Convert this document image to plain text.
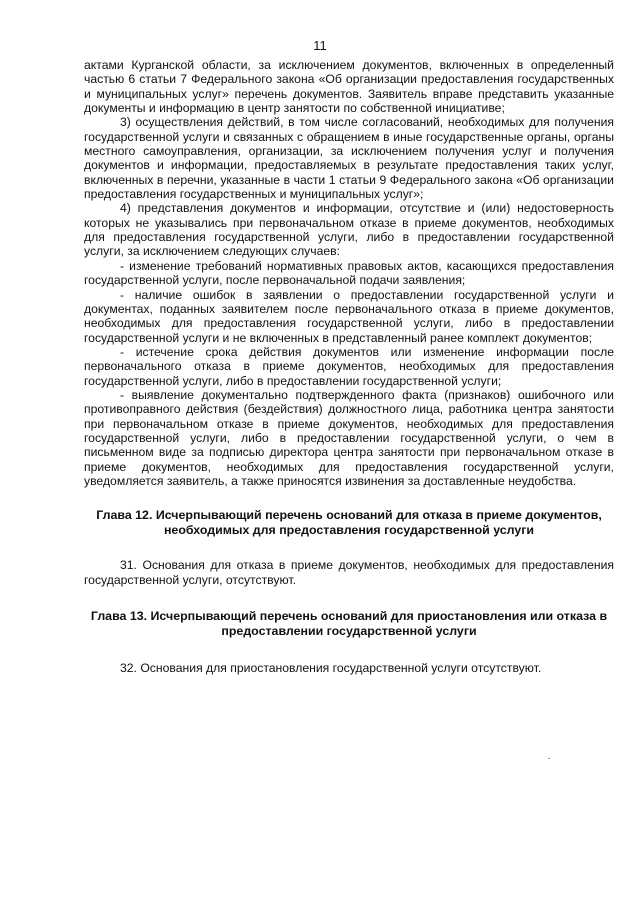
11

актами Курганской области, за исключением документов, включенных в определенный частью 6 статьи 7 Федерального закона «Об организации предоставления государственных и муниципальных услуг» перечень документов. Заявитель вправе представить указанные документы и информацию в центр занятости по собственной инициативе;

3) осуществления действий, в том числе согласований, необходимых для получения государственной услуги и связанных с обращением в иные государственные органы, органы местного самоуправления, организации, за исключением получения услуг и получения документов и информации, предоставляемых в результате предоставления таких услуг, включенных в перечни, указанные в части 1 статьи 9 Федерального закона «Об организации предоставления государственных и муниципальных услуг»;

4) представления документов и информации, отсутствие и (или) недостоверность которых не указывались при первоначальном отказе в приеме документов, необходимых для предоставления государственной услуги, либо в предоставлении государственной услуги, за исключением следующих случаев:

- изменение требований нормативных правовых актов, касающихся предоставления государственной услуги, после первоначальной подачи заявления;

- наличие ошибок в заявлении о предоставлении государственной услуги и документах, поданных заявителем после первоначального отказа в приеме документов, необходимых для предоставления государственной услуги, либо в предоставлении государственной услуги и не включенных в представленный ранее комплект документов;

- истечение срока действия документов или изменение информации после первоначального отказа в приеме документов, необходимых для предоставления государственной услуги, либо в предоставлении государственной услуги;

- выявление документально подтвержденного факта (признаков) ошибочного или противоправного действия (бездействия) должностного лица, работника центра занятости при первоначальном отказе в приеме документов, необходимых для предоставления государственной услуги, либо в предоставлении государственной услуги, о чем в письменном виде за подписью директора центра занятости при первоначальном отказе в приеме документов, необходимых для предоставления государственной услуги, уведомляется заявитель, а также приносятся извинения за доставленные неудобства.

Глава 12. Исчерпывающий перечень оснований для отказа в приеме документов, необходимых для предоставления государственной услуги

31. Основания для отказа в приеме документов, необходимых для предоставления государственной услуги, отсутствуют.

Глава 13. Исчерпывающий перечень оснований для приостановления или отказа в предоставлении государственной услуги

32. Основания для приостановления государственной услуги отсутствуют.
